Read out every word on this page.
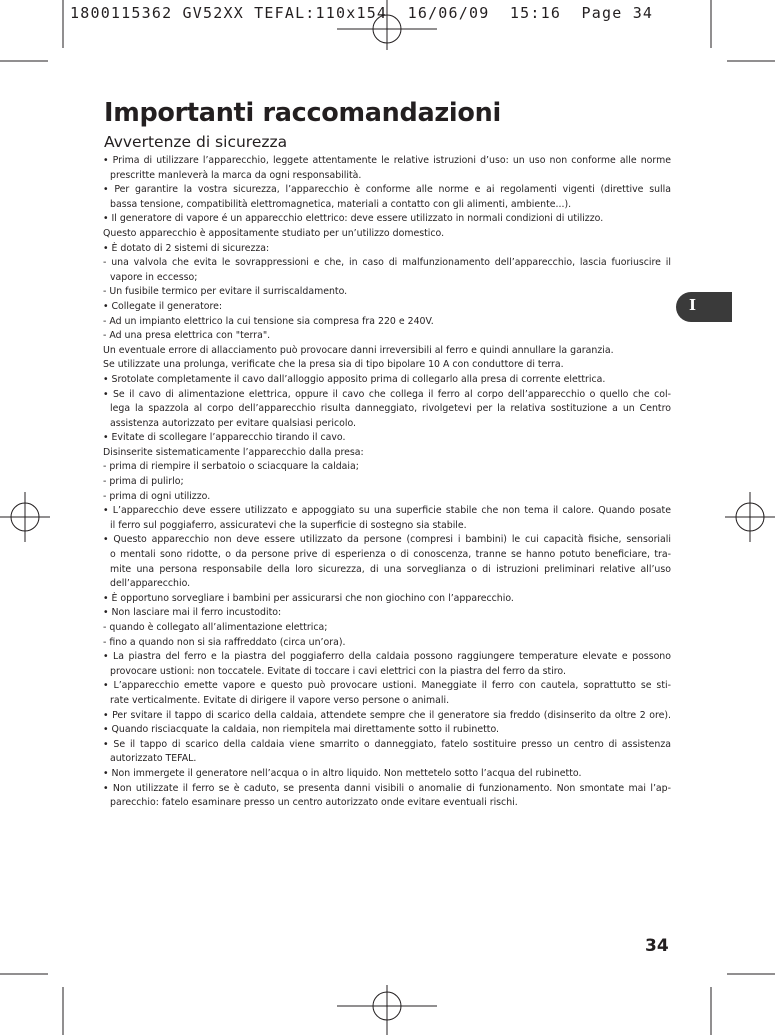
1800115362 GV52XX TEFAL:110x154  16/06/09  15:16  Page 34
Importanti raccomandazioni
Avvertenze di sicurezza
• Prima di utilizzare l’apparecchio, leggete attentamente le relative istruzioni d’uso: un uso non conforme alle norme
prescritte manleverà la marca da ogni responsabilità.
• Per garantire la vostra sicurezza, l’apparecchio è conforme alle norme e ai regolamenti vigenti (direttive sulla
bassa tensione, compatibilità elettromagnetica, materiali a contatto con gli alimenti, ambiente...).
• Il generatore di vapore é un apparecchio elettrico: deve essere utilizzato in normali condizioni di utilizzo.
Questo apparecchio è appositamente studiato per un’utilizzo domestico.
• È dotato di 2 sistemi di sicurezza:
- una valvola che evita le sovrappressioni e che, in caso di malfunzionamento dell’apparecchio, lascia fuoriuscire il
vapore in eccesso;
- Un fusibile termico per evitare il surriscaldamento.
• Collegate il generatore:
- Ad un impianto elettrico la cui tensione sia compresa fra 220 e 240V.
- Ad una presa elettrica con "terra".
Un eventuale errore di allacciamento può provocare danni irreversibili al ferro e quindi annullare la garanzia.
Se utilizzate una prolunga, verificate che la presa sia di tipo bipolare 10 A con conduttore di terra.
• Srotolate completamente il cavo dall’alloggio apposito prima di collegarlo alla presa di corrente elettrica.
• Se il cavo di alimentazione elettrica, oppure il cavo che collega il ferro al corpo dell’apparecchio o quello che col-
lega la spazzola al corpo dell’apparecchio risulta danneggiato, rivolgetevi per la relativa sostituzione a un Centro
assistenza autorizzato per evitare qualsiasi pericolo.
• Evitate di scollegare l’apparecchio tirando il cavo.
Disinserite sistematicamente l’apparecchio dalla presa:
- prima di riempire il serbatoio o sciacquare la caldaia;
- prima di pulirlo;
- prima di ogni utilizzo.
• L’apparecchio deve essere utilizzato e appoggiato su una superficie stabile che non tema il calore. Quando posate
il ferro sul poggiaferro, assicuratevi che la superficie di sostegno sia stabile.
• Questo apparecchio non deve essere utilizzato da persone (compresi i bambini) le cui capacità fisiche, sensoriali
o mentali sono ridotte, o da persone prive di esperienza o di conoscenza, tranne se hanno potuto beneficiare, tra-
mite una persona responsabile della loro sicurezza, di una sorveglianza o di istruzioni preliminari relative all’uso
dell’apparecchio.
• È opportuno sorvegliare i bambini per assicurarsi che non giochino con l’apparecchio.
• Non lasciare mai il ferro incustodito:
- quando è collegato all’alimentazione elettrica;
- fino a quando non si sia raffreddato (circa un’ora).
• La piastra del ferro e la piastra del poggiaferro della caldaia possono raggiungere temperature elevate e possono
provocare ustioni: non toccatele. Evitate di toccare i cavi elettrici con la piastra del ferro da stiro.
• L’apparecchio emette vapore e questo può provocare ustioni. Maneggiate il ferro con cautela, soprattutto se sti-
rate verticalmente. Evitate di dirigere il vapore verso persone o animali.
• Per svitare il tappo di scarico della caldaia, attendete sempre che il generatore sia freddo (disinserito da oltre 2 ore).
• Quando risciacquate la caldaia, non riempitela mai direttamente sotto il rubinetto.
• Se il tappo di scarico della caldaia viene smarrito o danneggiato, fatelo sostituire presso un centro di assistenza
autorizzato TEFAL.
• Non immergete il generatore nell’acqua o in altro liquido. Non mettetelo sotto l’acqua del rubinetto.
• Non utilizzate il ferro se è caduto, se presenta danni visibili o anomalie di funzionamento. Non smontate mai l’ap-
parecchio: fatelo esaminare presso un centro autorizzato onde evitare eventuali rischi.
I
34
